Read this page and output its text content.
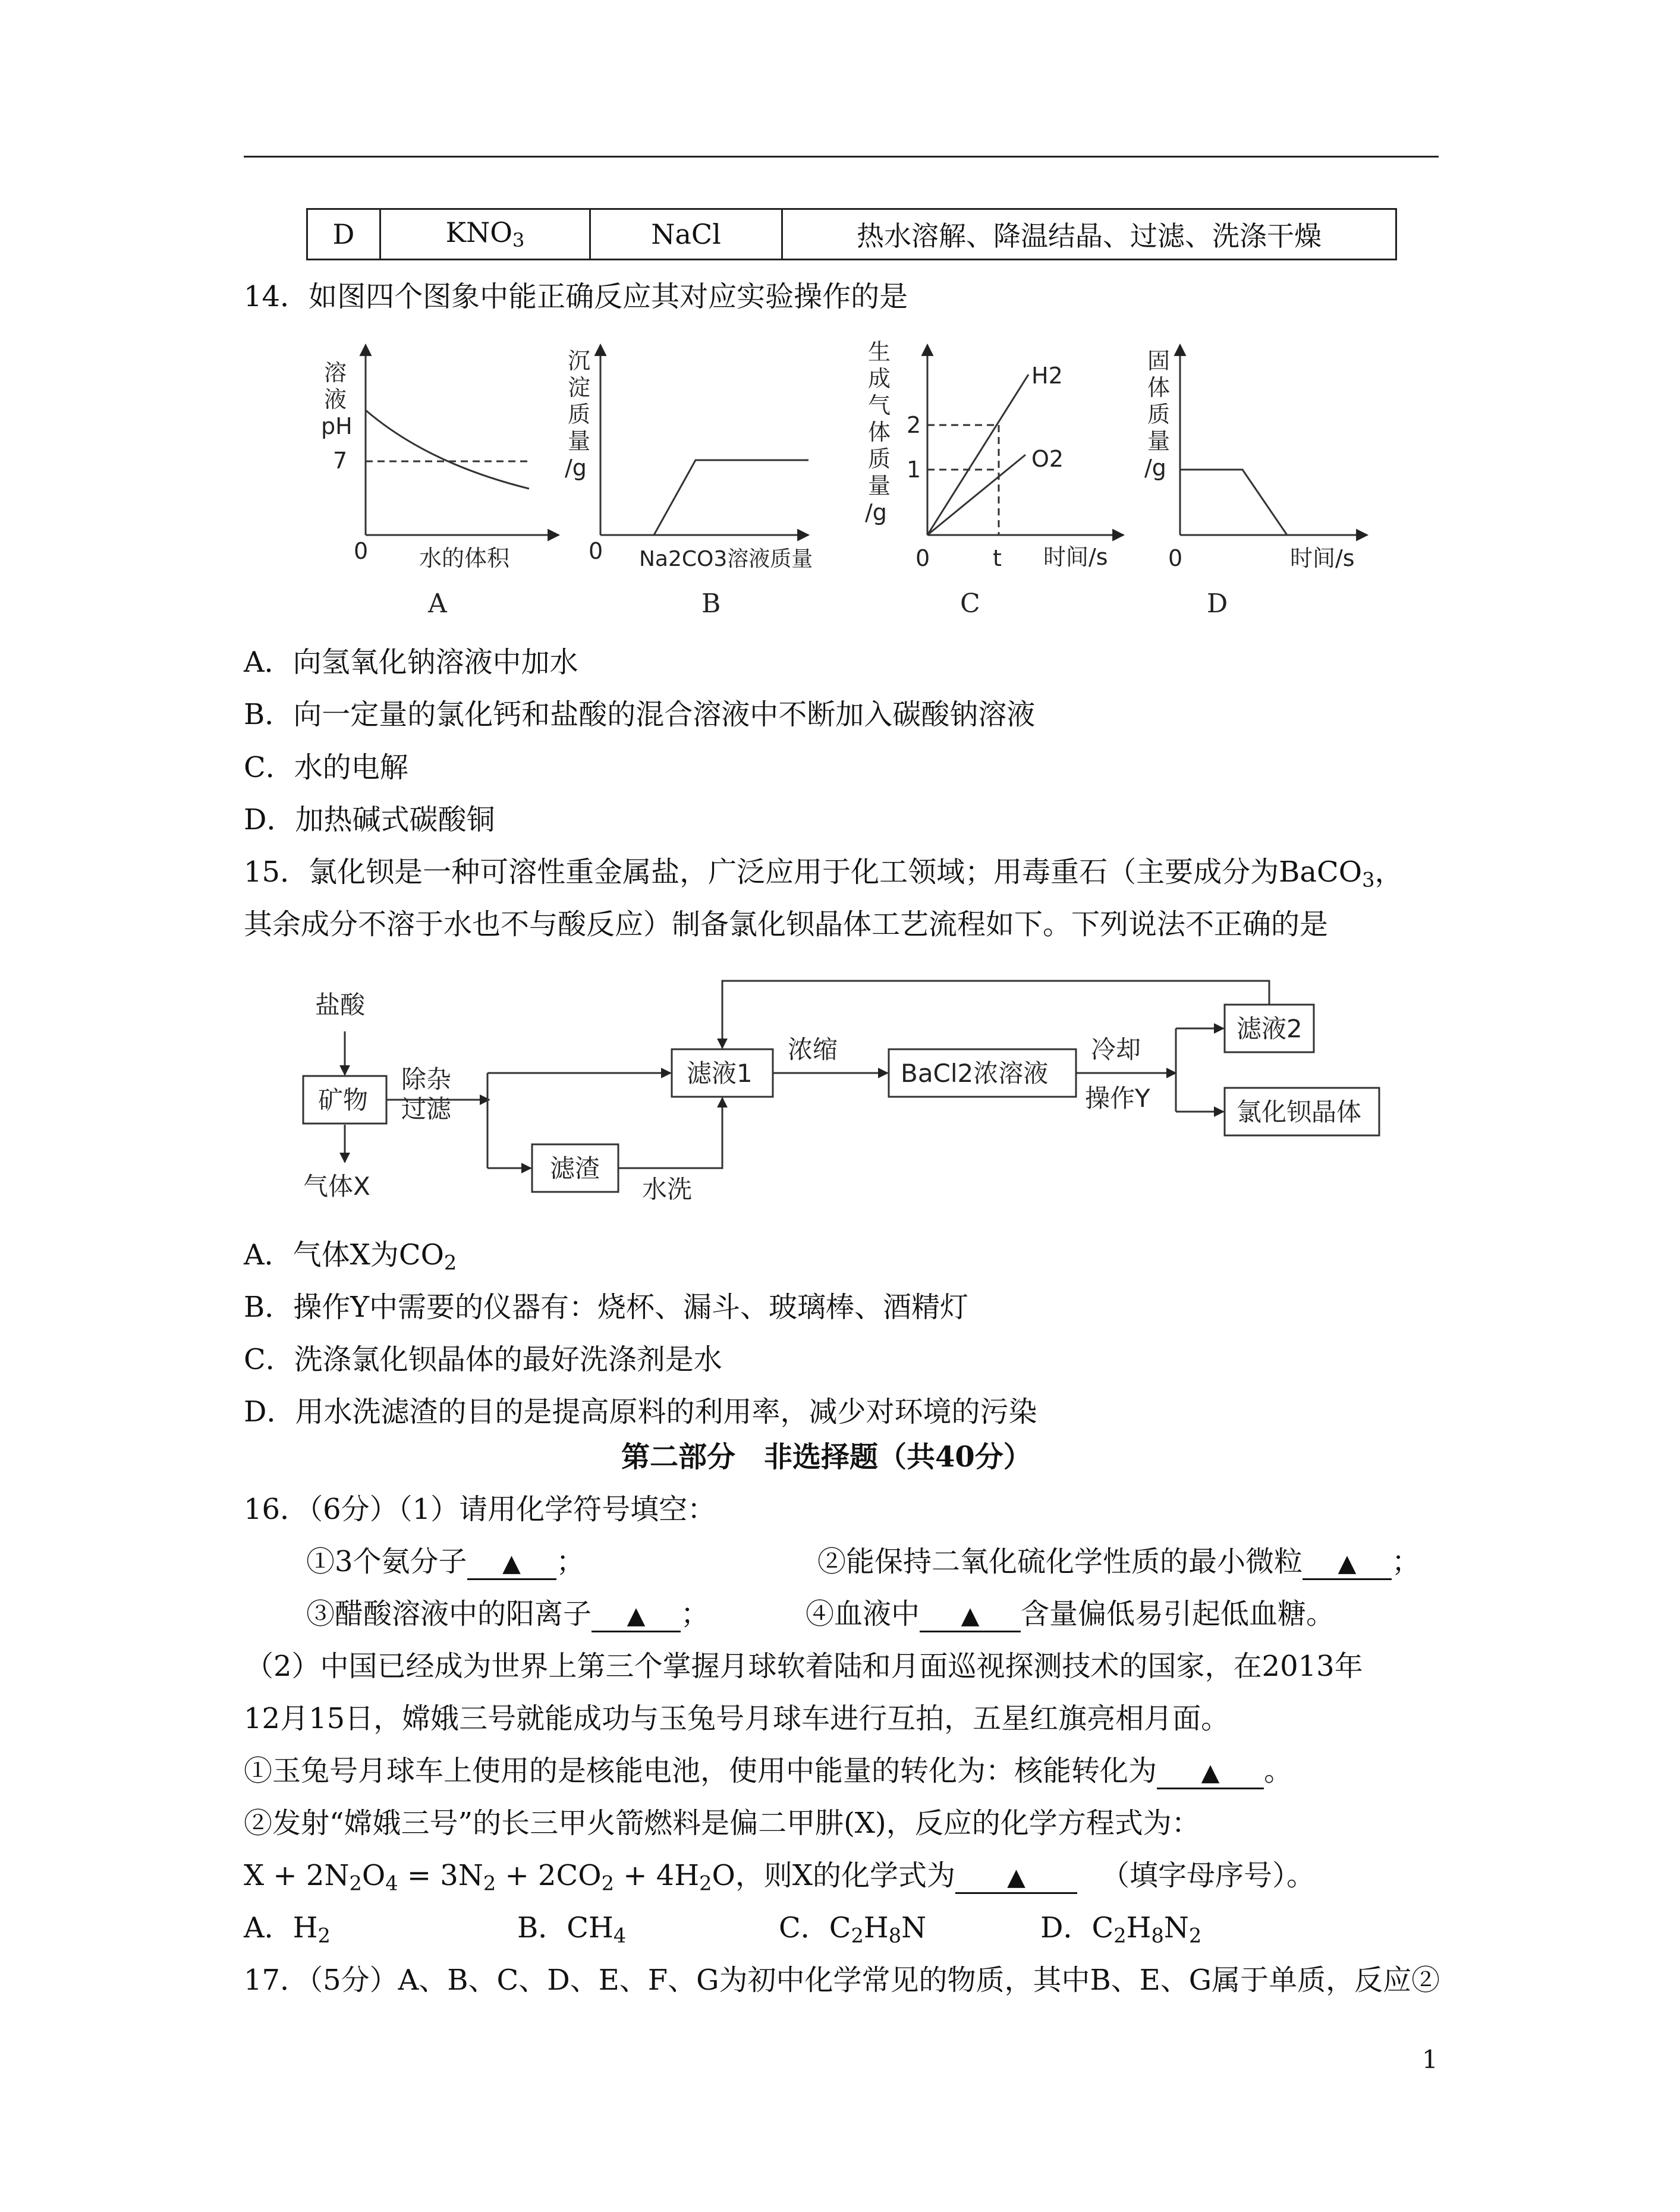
D	$KNO_3$	NaCl	热水溶解、降温结晶、过滤、洗涤干燥
14．如图四个图象中能正确反应其对应实验操作的是
溶
液
pH
7
0 水的体积
沉
淀
质
量
/g
0 Na2CO3溶液质量
生
成
气
体
质
量
/g
2
1
0	t 时间/s
H2
O2
固
体
质
量
/g
0	时间/s
A	B	C	D
A．向氢氧化钠溶液中加水
B．向一定量的氯化钙和盐酸的混合溶液中不断加入碳酸钠溶液
C．水的电解
D．加热碱式碳酸铜
15．氯化钡是一种可溶性重金属盐，广泛应用于化工领域；用毒重石（主要成分为BaCO$_3$，
其余成分不溶于水也不与酸反应）制备氯化钡晶体工艺流程如下。下列说法不正确的是
盐酸
矿物
气体X
除杂
过滤
滤液1
滤渣
水洗
浓缩
BaCl2浓溶液
冷却
操作Y
滤液2
氯化钡晶体
A．气体X为$CO_2$
B．操作Y中需要的仪器有：烧杯、漏斗、玻璃棒、酒精灯
C．洗涤氯化钡晶体的最好洗涤剂是水
D．用水洗滤渣的目的是提高原料的利用率，减少对环境的污染
第二部分　非选择题（共40分）
16．（6分）（1）请用化学符号填空：
①3个氨分子 ▲ ；	②能保持二氧化硫化学性质的最小微粒 ▲ ；
③醋酸溶液中的阳离子 ▲ ；	④血液中 ▲ 含量偏低易引起低血糖。
（2）中国已经成为世界上第三个掌握月球软着陆和月面巡视探测技术的国家，在2013年
12月15日，嫦娥三号就能成功与玉兔号月球车进行互拍，五星红旗亮相月面。
①玉兔号月球车上使用的是核能电池，使用中能量的转化为：核能转化为 ▲ 。
②发射“嫦娥三号”的长三甲火箭燃料是偏二甲肼(X)，反应的化学方程式为：
$X + 2N_2O_4 = 3N_2 + 2CO_2 + 4H_2O$，则X的化学式为 ▲	（填字母序号）。
A．$H_2$	B．$CH_4$	C．$C_2H_8N$	D．$C_2H_8N_2$
17．（5分）A、B、C、D、E、F、G为初中化学常见的物质，其中B、E、G属于单质，反应②
1
